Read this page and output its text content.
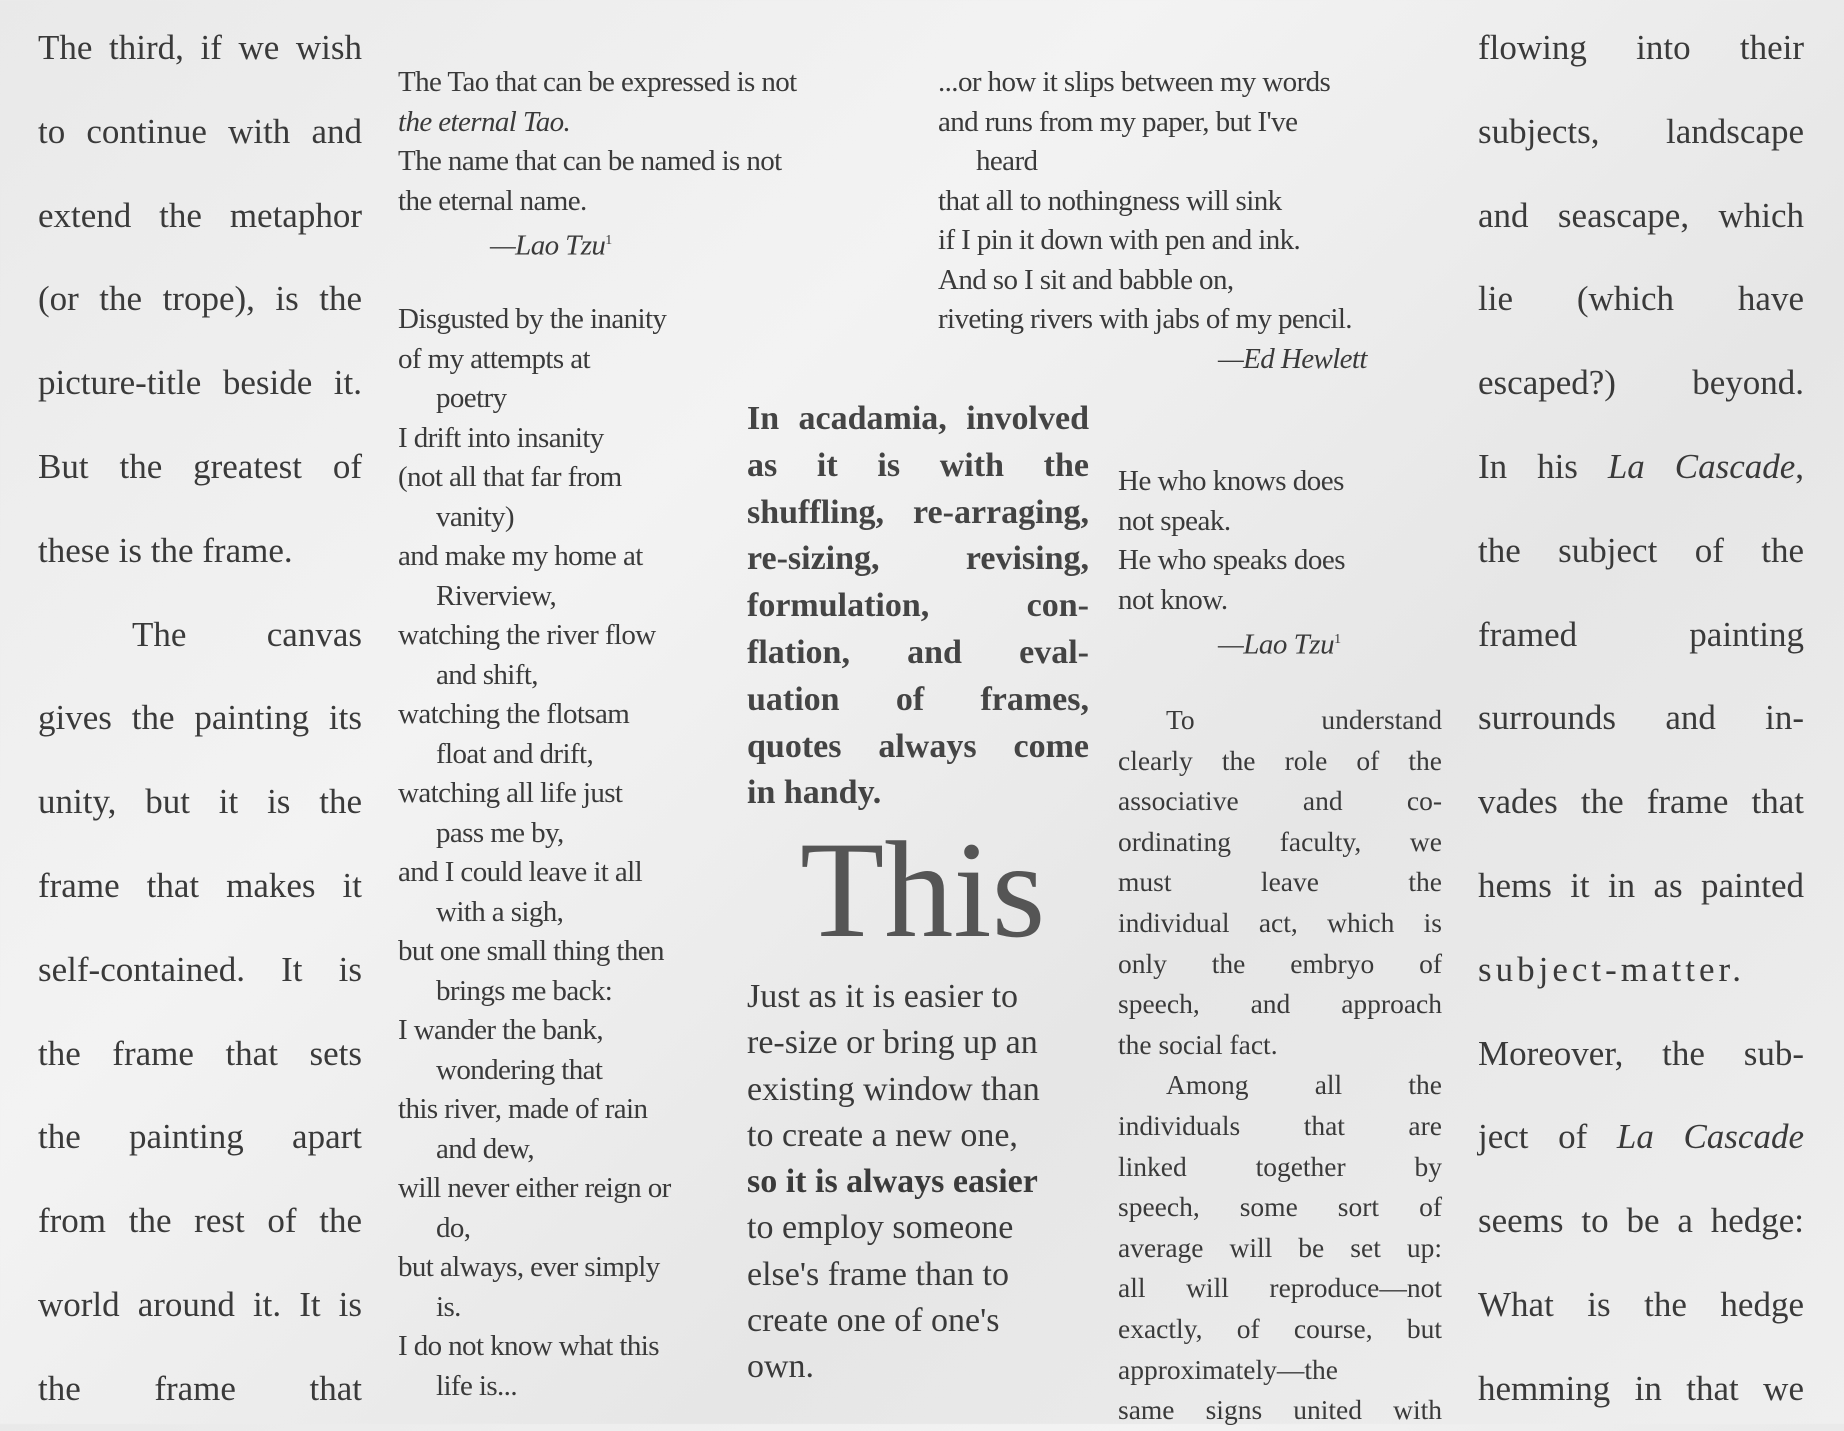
The third, if we wish
to continue with and
extend the metaphor
(or the trope), is the
picture-title beside it.
But the greatest of
these is the frame.
The canvas
gives the painting its
unity, but it is the
frame that makes it
self-contained. It is
the frame that sets
the painting apart
from the rest of the
world around it. It is
the frame that
The Tao that can be expressed is not
the eternal Tao.
The name that can be named is not
the eternal name.
—Lao Tzu$^1$
Disgusted by the inanity
of my attempts at
poetry
I drift into insanity
(not all that far from
vanity)
and make my home at
Riverview,
watching the river flow
and shift,
watching the flotsam
float and drift,
watching all life just
pass me by,
and I could leave it all
with a sigh,
but one small thing then
brings me back:
I wander the bank,
wondering that
this river, made of rain
and dew,
will never either reign or
do,
but always, ever simply
is.
I do not know what this
life is...
...or how it slips between my words
and runs from my paper, but I've
heard
that all to nothingness will sink
if I pin it down with pen and ink.
And so I sit and babble on,
riveting rivers with jabs of my pencil.
—Ed Hewlett
In acadamia, involved
as it is with the
shuffling, re-arraging,
re-sizing, revising,
formulation, con-
flation, and eval-
uation of frames,
quotes always come
in handy.
This
Just as it is easier to
re-size or bring up an
existing window than
to create a new one,
so it is always easier
to employ someone
else's frame than to
create one of one's
own.
He who knows does
not speak.
He who speaks does
not know.
—Lao Tzu$^1$
To understand
clearly the role of the
associative and co-
ordinating faculty, we
must leave the
individual act, which is
only the embryo of
speech, and approach
the social fact.
Among all the
individuals that are
linked together by
speech, some sort of
average will be set up:
all will reproduce—not
exactly, of course, but
approximately—the
same signs united with
flowing into their
subjects, landscape
and seascape, which
lie (which have
escaped?) beyond.
In his La Cascade,
the subject of the
framed painting
surrounds and in-
vades the frame that
hems it in as painted
subject-matter.
Moreover, the sub-
ject of La Cascade
seems to be a hedge:
What is the hedge
hemming in that we
